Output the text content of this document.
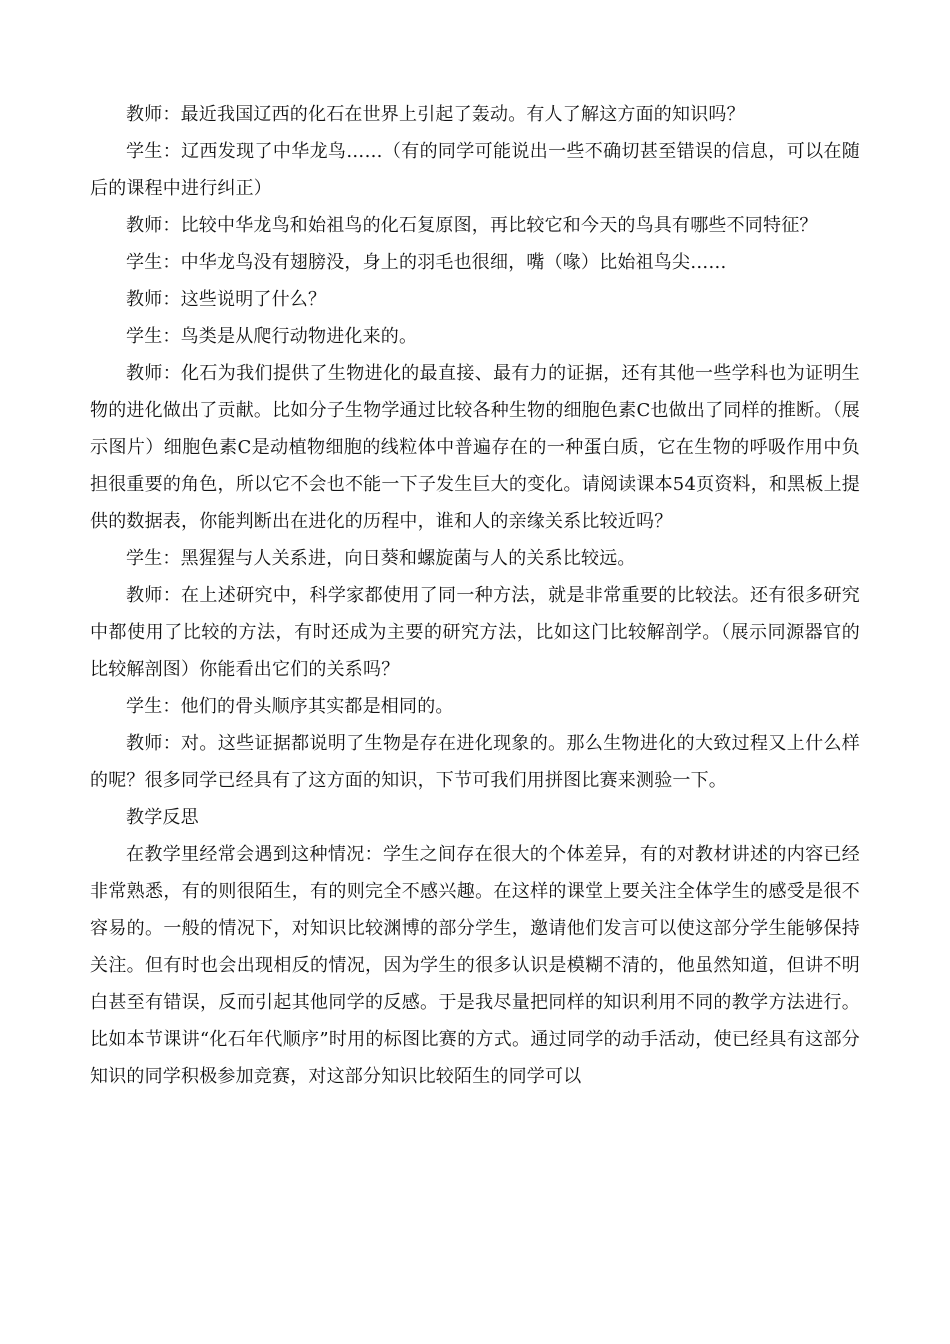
教师：最近我国辽西的化石在世界上引起了轰动。有人了解这方面的知识吗？

学生：辽西发现了中华龙鸟……（有的同学可能说出一些不确切甚至错误的信息，可以在随后的课程中进行纠正）

教师：比较中华龙鸟和始祖鸟的化石复原图，再比较它和今天的鸟具有哪些不同特征？

学生：中华龙鸟没有翅膀没，身上的羽毛也很细，嘴（喙）比始祖鸟尖……

教师：这些说明了什么？

学生：鸟类是从爬行动物进化来的。

教师：化石为我们提供了生物进化的最直接、最有力的证据，还有其他一些学科也为证明生物的进化做出了贡献。比如分子生物学通过比较各种生物的细胞色素C也做出了同样的推断。（展示图片）细胞色素C是动植物细胞的线粒体中普遍存在的一种蛋白质，它在生物的呼吸作用中负担很重要的角色，所以它不会也不能一下子发生巨大的变化。请阅读课本54页资料，和黑板上提供的数据表，你能判断出在进化的历程中，谁和人的亲缘关系比较近吗？

学生：黑猩猩与人关系进，向日葵和螺旋菌与人的关系比较远。

教师：在上述研究中，科学家都使用了同一种方法，就是非常重要的比较法。还有很多研究中都使用了比较的方法，有时还成为主要的研究方法，比如这门比较解剖学。（展示同源器官的比较解剖图）你能看出它们的关系吗？

学生：他们的骨头顺序其实都是相同的。

教师：对。这些证据都说明了生物是存在进化现象的。那么生物进化的大致过程又上什么样的呢？很多同学已经具有了这方面的知识，下节可我们用拼图比赛来测验一下。

教学反思

在教学里经常会遇到这种情况：学生之间存在很大的个体差异，有的对教材讲述的内容已经非常熟悉，有的则很陌生，有的则完全不感兴趣。在这样的课堂上要关注全体学生的感受是很不容易的。一般的情况下，对知识比较渊博的部分学生，邀请他们发言可以使这部分学生能够保持关注。但有时也会出现相反的情况，因为学生的很多认识是模糊不清的，他虽然知道，但讲不明白甚至有错误，反而引起其他同学的反感。于是我尽量把同样的知识利用不同的教学方法进行。比如本节课讲“化石年代顺序”时用的标图比赛的方式。通过同学的动手活动，使已经具有这部分知识的同学积极参加竞赛，对这部分知识比较陌生的同学可以
